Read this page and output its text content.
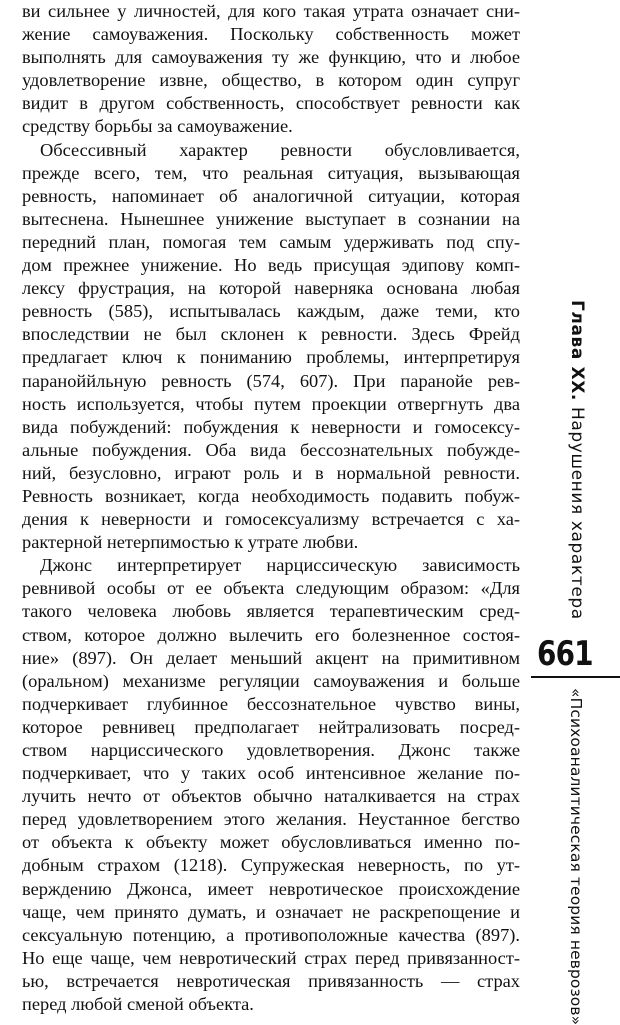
ви сильнее у личностей, для кого такая утрата означает сни-
жение самоуважения. Поскольку собственность может
выполнять для самоуважения ту же функцию, что и любое
удовлетворение извне, общество, в котором один супруг
видит в другом собственность, способствует ревности как
средству борьбы за самоуважение.
Обсессивный характер ревности обусловливается,
прежде всего, тем, что реальная ситуация, вызывающая
ревность, напоминает об аналогичной ситуации, которая
вытеснена. Нынешнее унижение выступает в сознании на
передний план, помогая тем самым удерживать под спу-
дом прежнее унижение. Но ведь присущая эдипову комп-
лексу фрустрация, на которой наверняка основана любая
ревность (585), испытывалась каждым, даже теми, кто
впоследствии не был склонен к ревности. Здесь Фрейд
предлагает ключ к пониманию проблемы, интерпретируя
параноййльную ревность (574, 607). При паранойе рев-
ность используется, чтобы путем проекции отвергнуть два
вида побуждений: побуждения к неверности и гомосексу-
альные побуждения. Оба вида бессознательных побужде-
ний, безусловно, играют роль и в нормальной ревности.
Ревность возникает, когда необходимость подавить побуж-
дения к неверности и гомосексуализму встречается с ха-
рактерной нетерпимостью к утрате любви.
Джонс интерпретирует нарциссическую зависимость
ревнивой особы от ее объекта следующим образом: «Для
такого человека любовь является терапевтическим сред-
ством, которое должно вылечить его болезненное состоя-
ние» (897). Он делает меньший акцент на примитивном
(оральном) механизме регуляции самоуважения и больше
подчеркивает глубинное бессознательное чувство вины,
которое ревнивец предполагает нейтрализовать посред-
ством нарциссического удовлетворения. Джонс также
подчеркивает, что у таких особ интенсивное желание по-
лучить нечто от объектов обычно наталкивается на страх
перед удовлетворением этого желания. Неустанное бегство
от объекта к объекту может обусловливаться именно по-
добным страхом (1218). Супружеская неверность, по ут-
верждению Джонса, имеет невротическое происхождение
чаще, чем принято думать, и означает не раскрепощение и
сексуальную потенцию, а противоположные качества (897).
Но еще чаще, чем невротический страх перед привязанност-
ью, встречается невротическая привязанность — страх
перед любой сменой объекта.
Глава XX. Нарушения характера
661
«Психоаналитическая теория неврозов»
